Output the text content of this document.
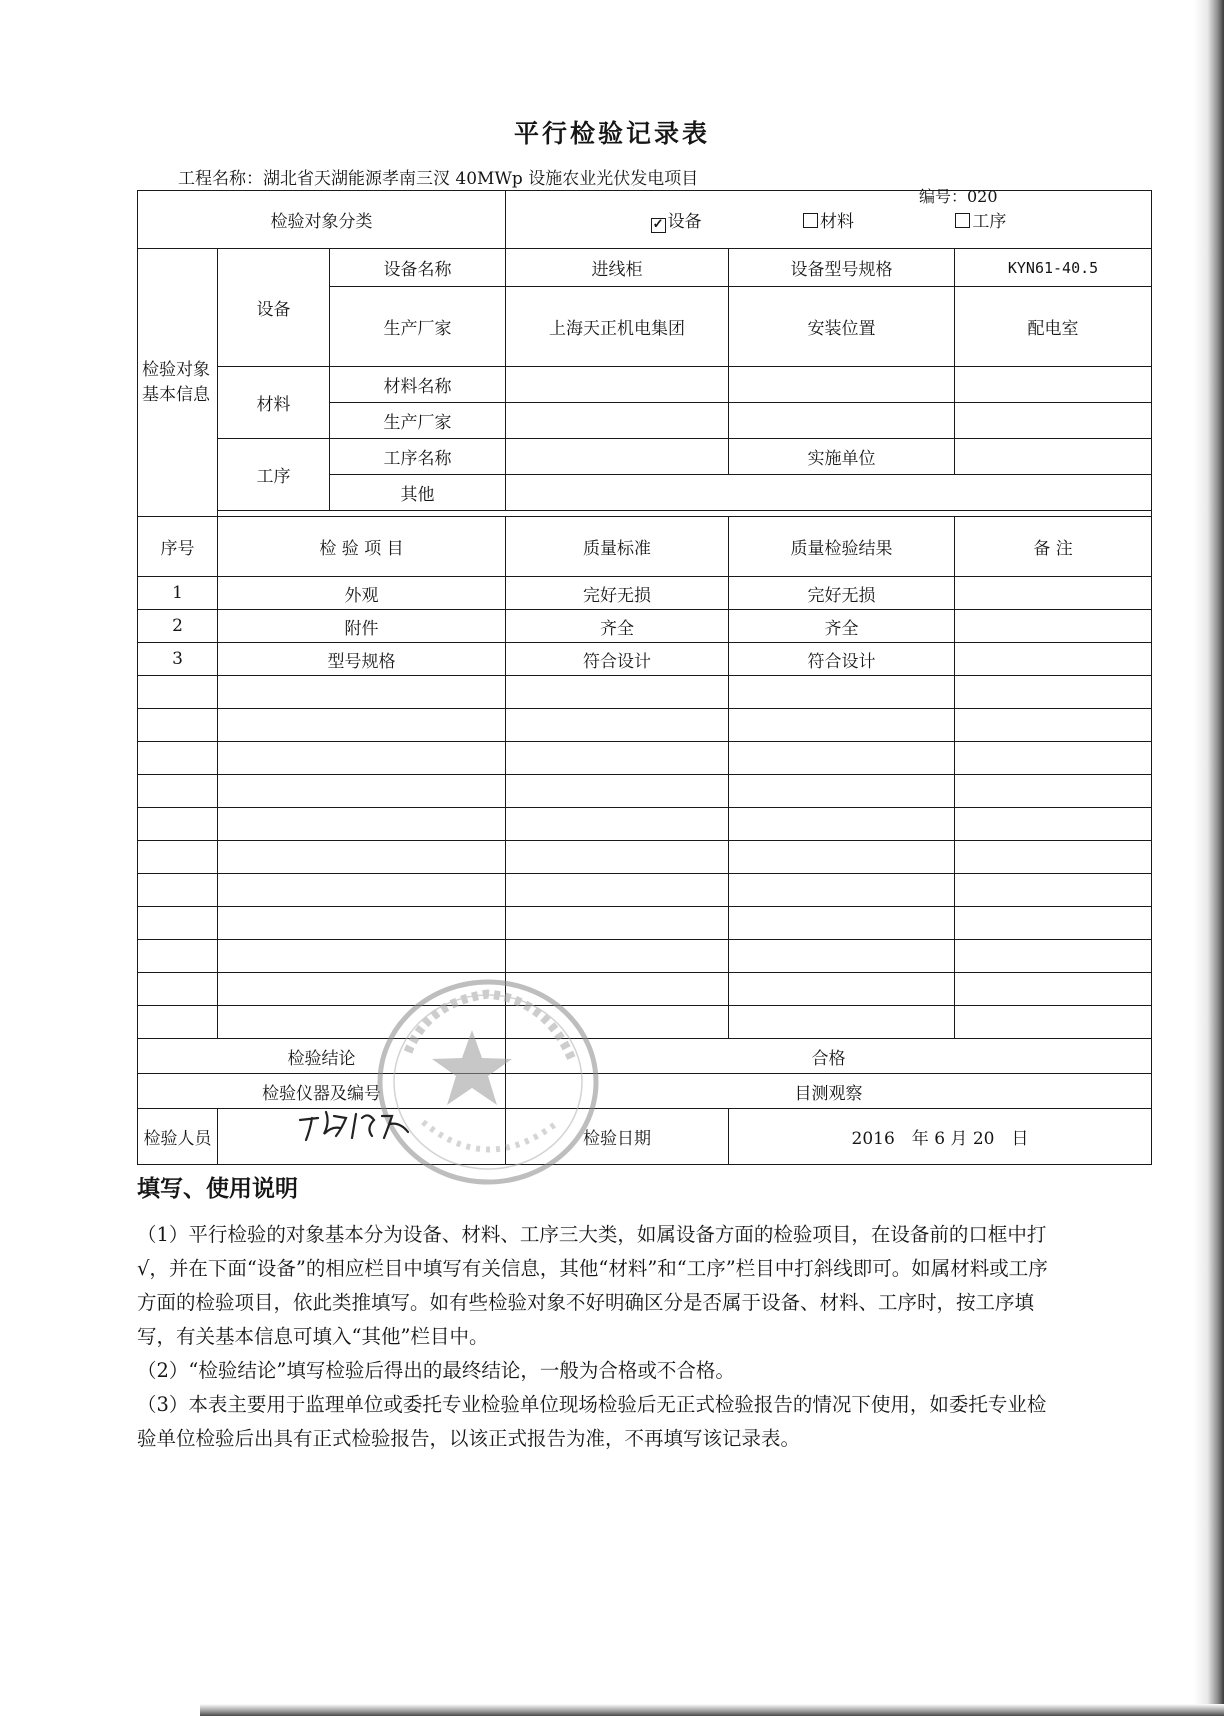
平行检验记录表
工程名称：湖北省天湖能源孝南三汊 40MWp 设施农业光伏发电项目
编号：020
检验对象分类			✓ 设备 材料 工序		
检验对象基本信息	设备	设备名称	进线柜	设备型号规格	KYN61-40.5
		生产厂家	上海天正机电集团	安装位置	配电室
	材料	材料名称			
		生产厂家			
	工序	工序名称		实施单位	
		其他			

序号	检 验 项 目		质量标准	质量检验结果	备 注
1	外观		完好无损	完好无损	
2	附件		齐全	齐全	
3	型号规格		符合设计	符合设计	

检验结论			合格		
检验仪器及编号			目测观察		
检验人员			检验日期	2016　年 6 月 20　日	
填写、使用说明

（1）平行检验的对象基本分为设备、材料、工序三大类，如属设备方面的检验项目，在设备前的口框中打√，并在下面“设备”的相应栏目中填写有关信息，其他“材料”和“工序”栏目中打斜线即可。如属材料或工序方面的检验项目，依此类推填写。如有些检验对象不好明确区分是否属于设备、材料、工序时，按工序填写，有关基本信息可填入“其他”栏目中。

（2）“检验结论”填写检验后得出的最终结论，一般为合格或不合格。

（3）本表主要用于监理单位或委托专业检验单位现场检验后无正式检验报告的情况下使用，如委托专业检验单位检验后出具有正式检验报告，以该正式报告为准，不再填写该记录表。
